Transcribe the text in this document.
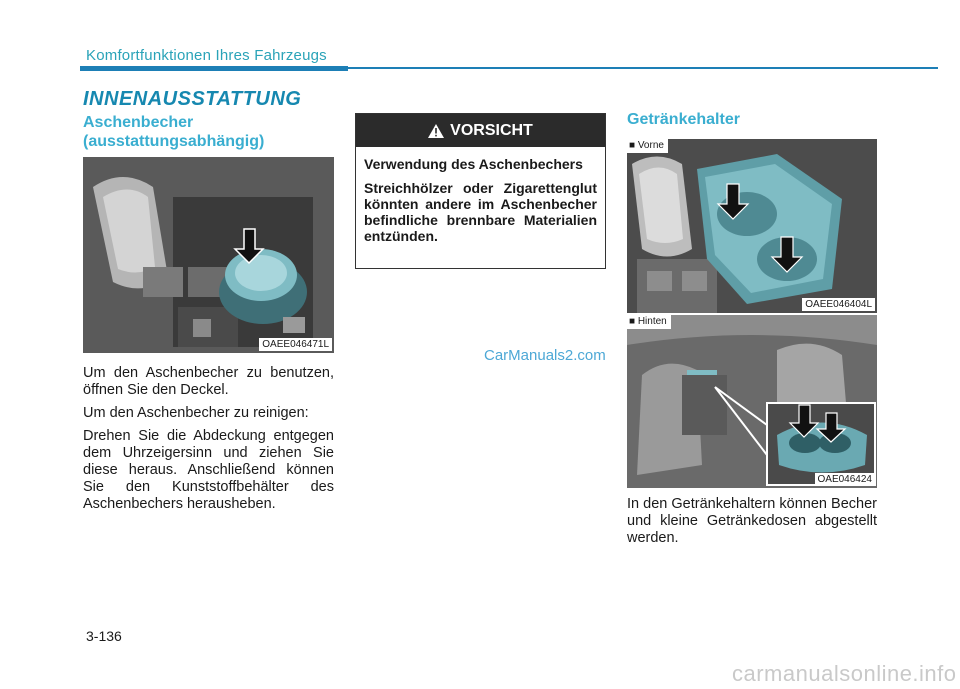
Komfortfunktionen Ihres Fahrzeugs
INNENAUSSTATTUNG
Aschenbecher
(ausstattungsabhängig)
OAEE046471L
Um den Aschenbecher zu benutzen, öffnen Sie den Deckel.
Um den Aschenbecher zu reinigen:
Drehen Sie die Abdeckung entgegen dem Uhrzeigersinn und ziehen Sie diese heraus. Anschließend können Sie den Kunststoffbehälter des Aschenbechers herausheben.
VORSICHT

Verwendung des Aschenbechers

Streichhölzer oder Zigarettenglut könnten andere im Aschenbecher befindliche brennbare Materialien entzünden.

CarManuals2.com
Getränkehalter
■ Vorne
OAEE046404L
■ Hinten
OAE046424
In den Getränkehaltern können Becher und kleine Getränkedosen abgestellt werden.
3-136
carmanualsonline.info
